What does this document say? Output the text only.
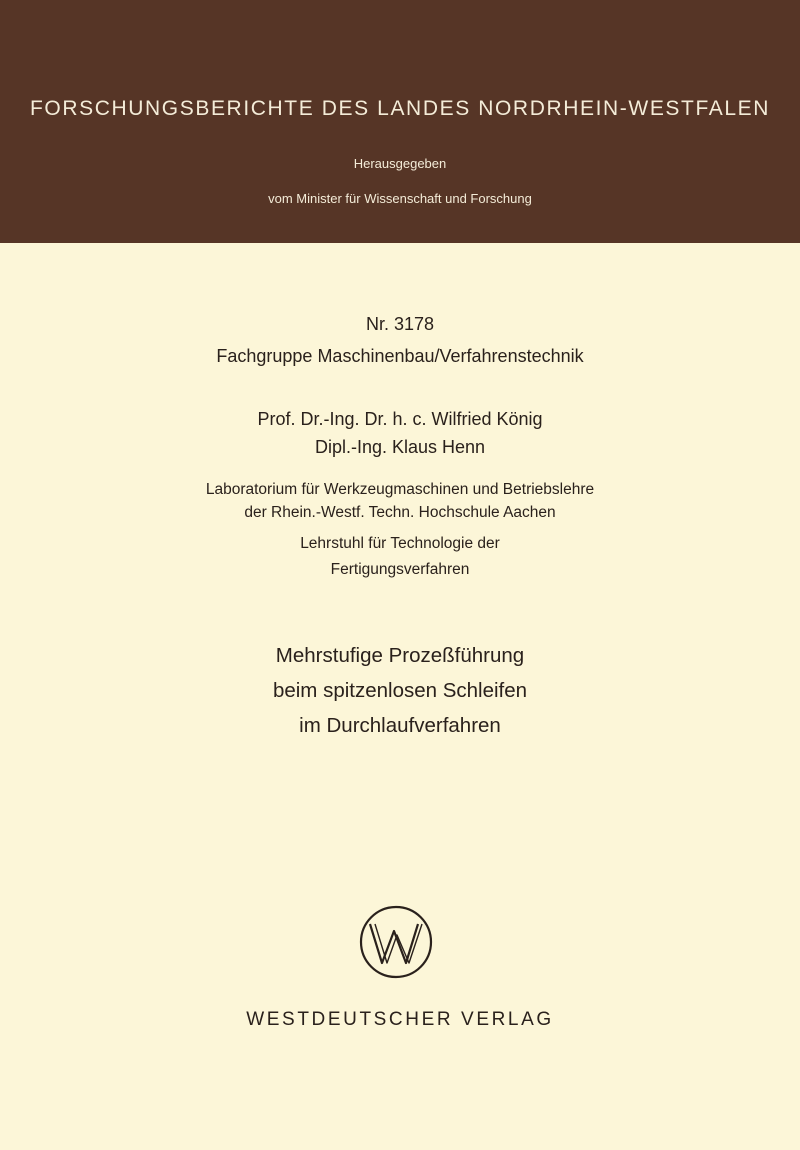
FORSCHUNGSBERICHTE DES LANDES NORDRHEIN-WESTFALEN
Herausgegeben
vom Minister für Wissenschaft und Forschung
Nr. 3178
Fachgruppe Maschinenbau/Verfahrenstechnik
Prof. Dr.-Ing. Dr. h. c. Wilfried König
Dipl.-Ing. Klaus Henn
Laboratorium für Werkzeugmaschinen und Betriebslehre
der Rhein.-Westf. Techn. Hochschule Aachen
Lehrstuhl für Technologie der
Fertigungsverfahren
Mehrstufige Prozeßführung
beim spitzenlosen Schleifen
im Durchlaufverfahren
WESTDEUTSCHER VERLAG
